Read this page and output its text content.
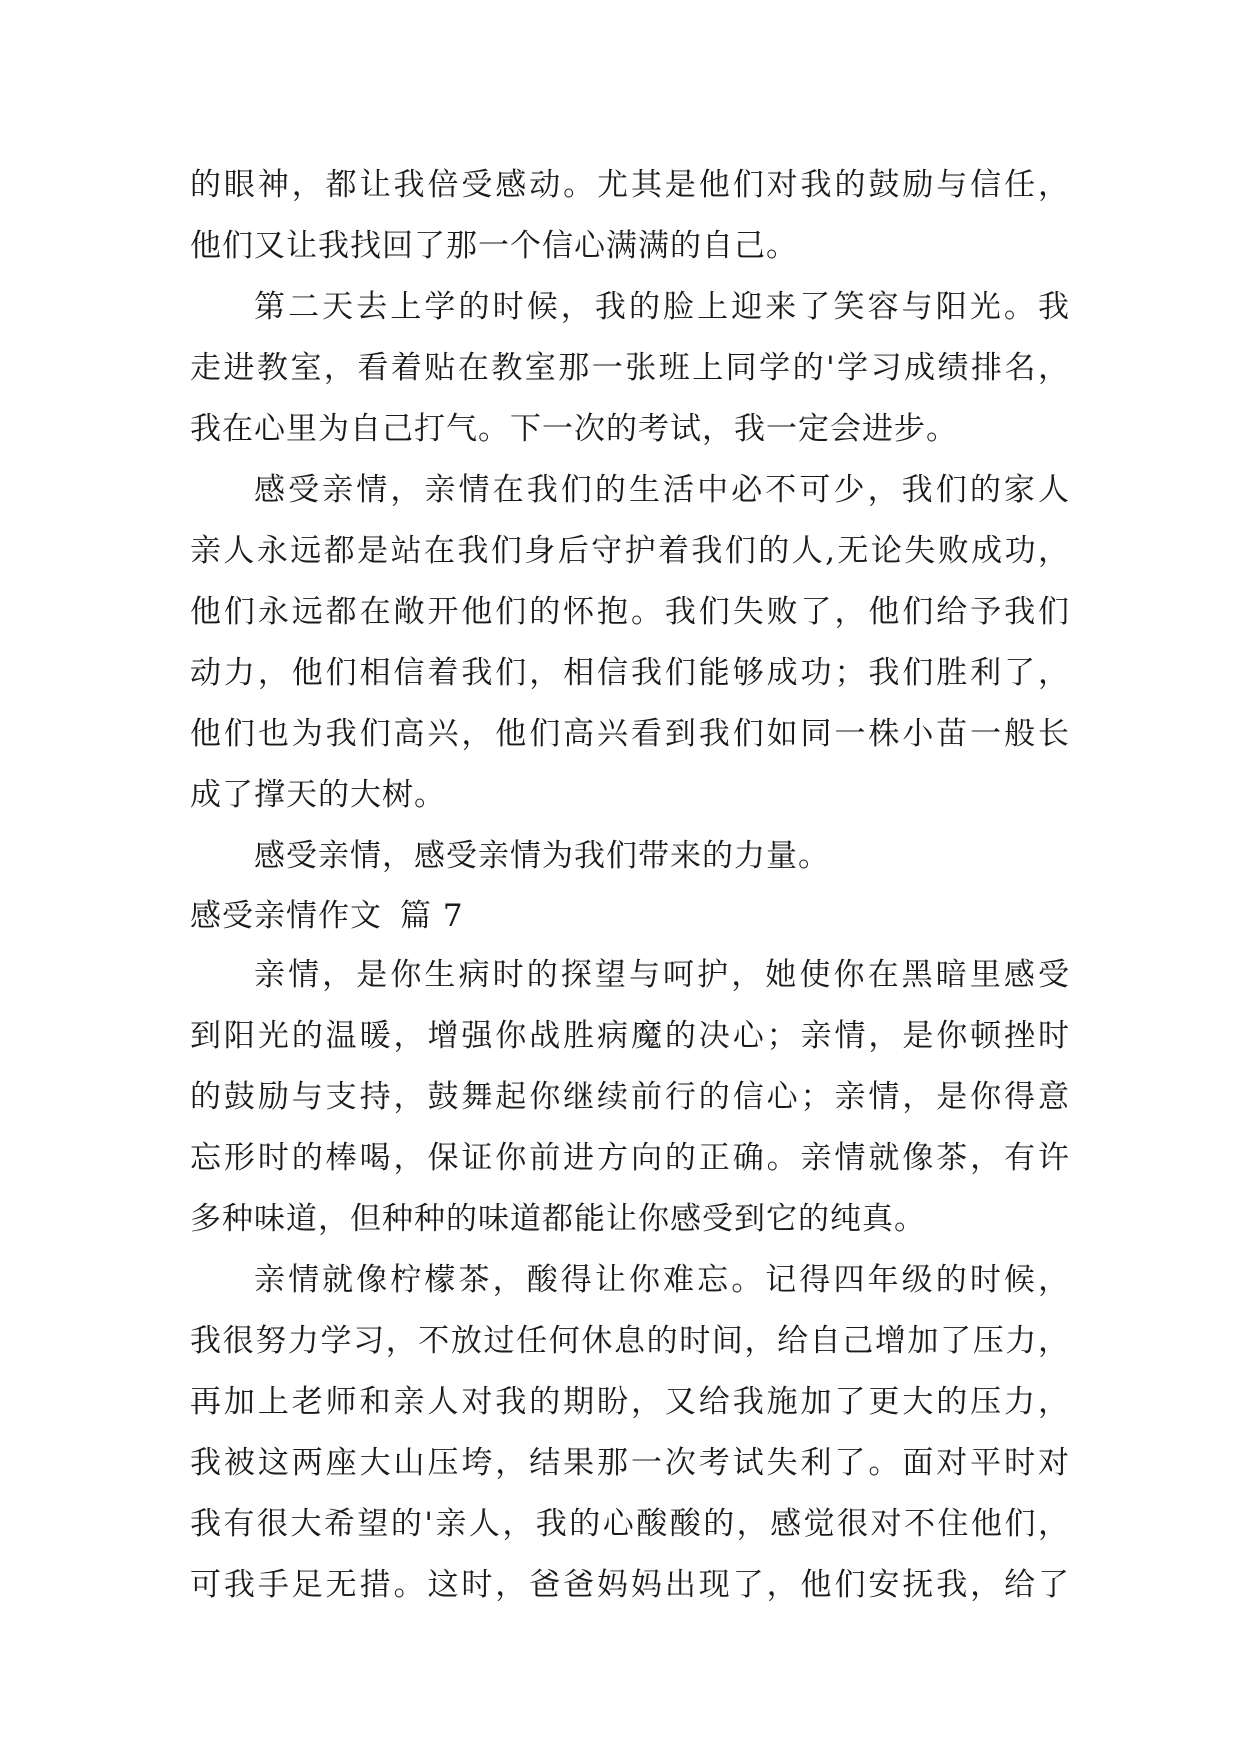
的眼神，都让我倍受感动。尤其是他们对我的鼓励与信任，
他们又让我找回了那一个信心满满的自己。
第二天去上学的时候，我的脸上迎来了笑容与阳光。我
走进教室，看着贴在教室那一张班上同学的'学习成绩排名，
我在心里为自己打气。下一次的考试，我一定会进步。
感受亲情，亲情在我们的生活中必不可少，我们的家人
亲人永远都是站在我们身后守护着我们的人,无论失败成功，
他们永远都在敞开他们的怀抱。我们失败了，他们给予我们
动力，他们相信着我们，相信我们能够成功；我们胜利了，
他们也为我们高兴，他们高兴看到我们如同一株小苗一般长
成了撑天的大树。
感受亲情，感受亲情为我们带来的力量。
感受亲情作文 篇 7
亲情，是你生病时的探望与呵护，她使你在黑暗里感受
到阳光的温暖，增强你战胜病魔的决心；亲情，是你顿挫时
的鼓励与支持，鼓舞起你继续前行的信心；亲情，是你得意
忘形时的棒喝，保证你前进方向的正确。亲情就像茶，有许
多种味道，但种种的味道都能让你感受到它的纯真。
亲情就像柠檬茶，酸得让你难忘。记得四年级的时候，
我很努力学习，不放过任何休息的时间，给自己增加了压力，
再加上老师和亲人对我的期盼，又给我施加了更大的压力，
我被这两座大山压垮，结果那一次考试失利了。面对平时对
我有很大希望的'亲人，我的心酸酸的，感觉很对不住他们，
可我手足无措。这时，爸爸妈妈出现了，他们安抚我，给了
